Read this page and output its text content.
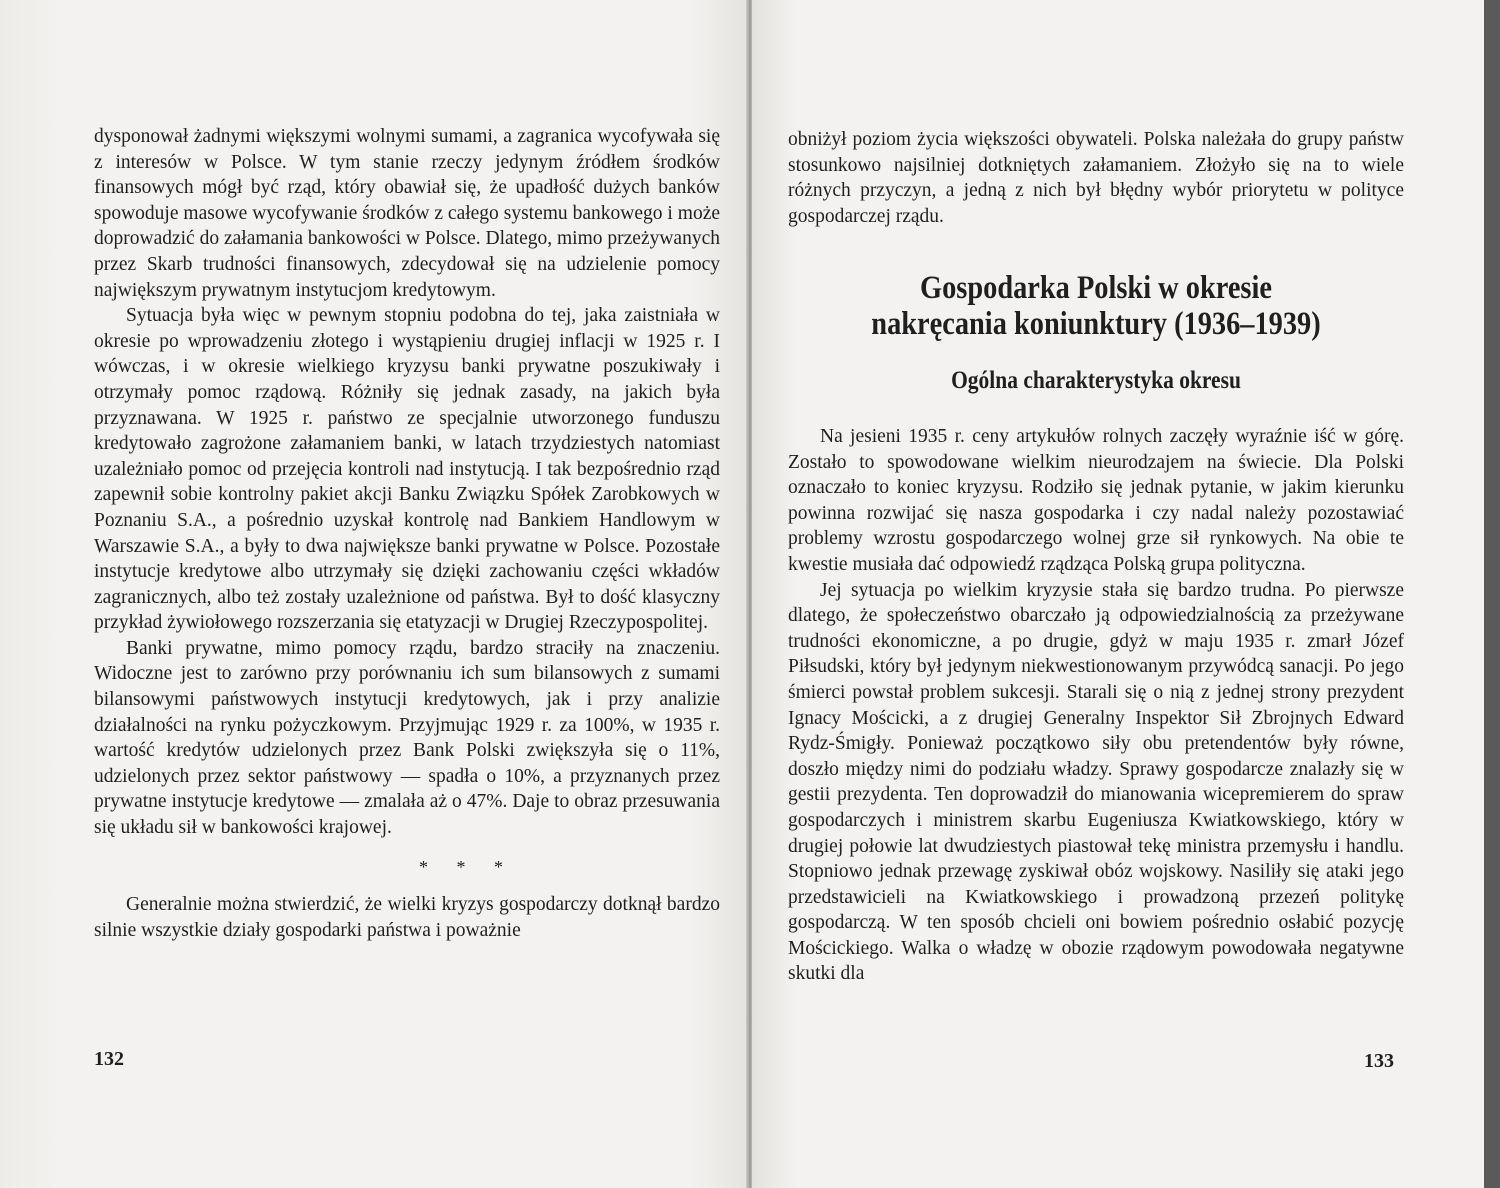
dysponował żadnymi większymi wolnymi sumami, a zagranica wycofywała się z interesów w Polsce. W tym stanie rzeczy jedynym źródłem środków finansowych mógł być rząd, który obawiał się, że upadłość dużych banków spowoduje masowe wycofywanie środków z całego systemu bankowego i może doprowadzić do załamania bankowości w Polsce. Dlatego, mimo przeżywanych przez Skarb trudności finansowych, zdecydował się na udzielenie pomocy największym prywatnym instytucjom kredytowym.

Sytuacja była więc w pewnym stopniu podobna do tej, jaka zaistniała w okresie po wprowadzeniu złotego i wystąpieniu drugiej inflacji w 1925 r. I wówczas, i w okresie wielkiego kryzysu banki prywatne poszukiwały i otrzymały pomoc rządową. Różniły się jednak zasady, na jakich była przyznawana. W 1925 r. państwo ze specjalnie utworzonego funduszu kredytowało zagrożone załamaniem banki, w latach trzydziestych natomiast uzależniało pomoc od przejęcia kontroli nad instytucją. I tak bezpośrednio rząd zapewnił sobie kontrolny pakiet akcji Banku Związku Spółek Zarobkowych w Poznaniu S.A., a pośrednio uzyskał kontrolę nad Bankiem Handlowym w Warszawie S.A., a były to dwa największe banki prywatne w Polsce. Pozostałe instytucje kredytowe albo utrzymały się dzięki zachowaniu części wkładów zagranicznych, albo też zostały uzależnione od państwa. Był to dość klasyczny przykład żywiołowego rozszerzania się etatyzacji w Drugiej Rzeczypospolitej.

Banki prywatne, mimo pomocy rządu, bardzo straciły na znaczeniu. Widoczne jest to zarówno przy porównaniu ich sum bilansowych z sumami bilansowymi państwowych instytucji kredytowych, jak i przy analizie działalności na rynku pożyczkowym. Przyjmując 1929 r. za 100%, w 1935 r. wartość kredytów udzielonych przez Bank Polski zwiększyła się o 11%, udzielonych przez sektor państwowy — spadła o 10%, a przyznanych przez prywatne instytucje kredytowe — zmalała aż o 47%. Daje to obraz przesuwania się układu sił w bankowości krajowej.

* * *

Generalnie można stwierdzić, że wielki kryzys gospodarczy dotknął bardzo silnie wszystkie działy gospodarki państwa i poważnie

132

obniżył poziom życia większości obywateli. Polska należała do grupy państw stosunkowo najsilniej dotkniętych załamaniem. Złożyło się na to wiele różnych przyczyn, a jedną z nich był błędny wybór priorytetu w polityce gospodarczej rządu.

Gospodarka Polski w okresie
nakręcania koniunktury (1936–1939)
Ogólna charakterystyka okresu

Na jesieni 1935 r. ceny artykułów rolnych zaczęły wyraźnie iść w górę. Zostało to spowodowane wielkim nieurodzajem na świecie. Dla Polski oznaczało to koniec kryzysu. Rodziło się jednak pytanie, w jakim kierunku powinna rozwijać się nasza gospodarka i czy nadal należy pozostawiać problemy wzrostu gospodarczego wolnej grze sił rynkowych. Na obie te kwestie musiała dać odpowiedź rządząca Polską grupa polityczna.

Jej sytuacja po wielkim kryzysie stała się bardzo trudna. Po pierwsze dlatego, że społeczeństwo obarczało ją odpowiedzialnością za przeżywane trudności ekonomiczne, a po drugie, gdyż w maju 1935 r. zmarł Józef Piłsudski, który był jedynym niekwestionowanym przywódcą sanacji. Po jego śmierci powstał problem sukcesji. Starali się o nią z jednej strony prezydent Ignacy Mościcki, a z drugiej Generalny Inspektor Sił Zbrojnych Edward Rydz-Śmigły. Ponieważ początkowo siły obu pretendentów były równe, doszło między nimi do podziału władzy. Sprawy gospodarcze znalazły się w gestii prezydenta. Ten doprowadził do mianowania wicepremierem do spraw gospodarczych i ministrem skarbu Eugeniusza Kwiatkowskiego, który w drugiej połowie lat dwudziestych piastował tekę ministra przemysłu i handlu. Stopniowo jednak przewagę zyskiwał obóz wojskowy. Nasiliły się ataki jego przedstawicieli na Kwiatkowskiego i prowadzoną przezeń politykę gospodarczą. W ten sposób chcieli oni bowiem pośrednio osłabić pozycję Mościckiego. Walka o władzę w obozie rządowym powodowała negatywne skutki dla

133
